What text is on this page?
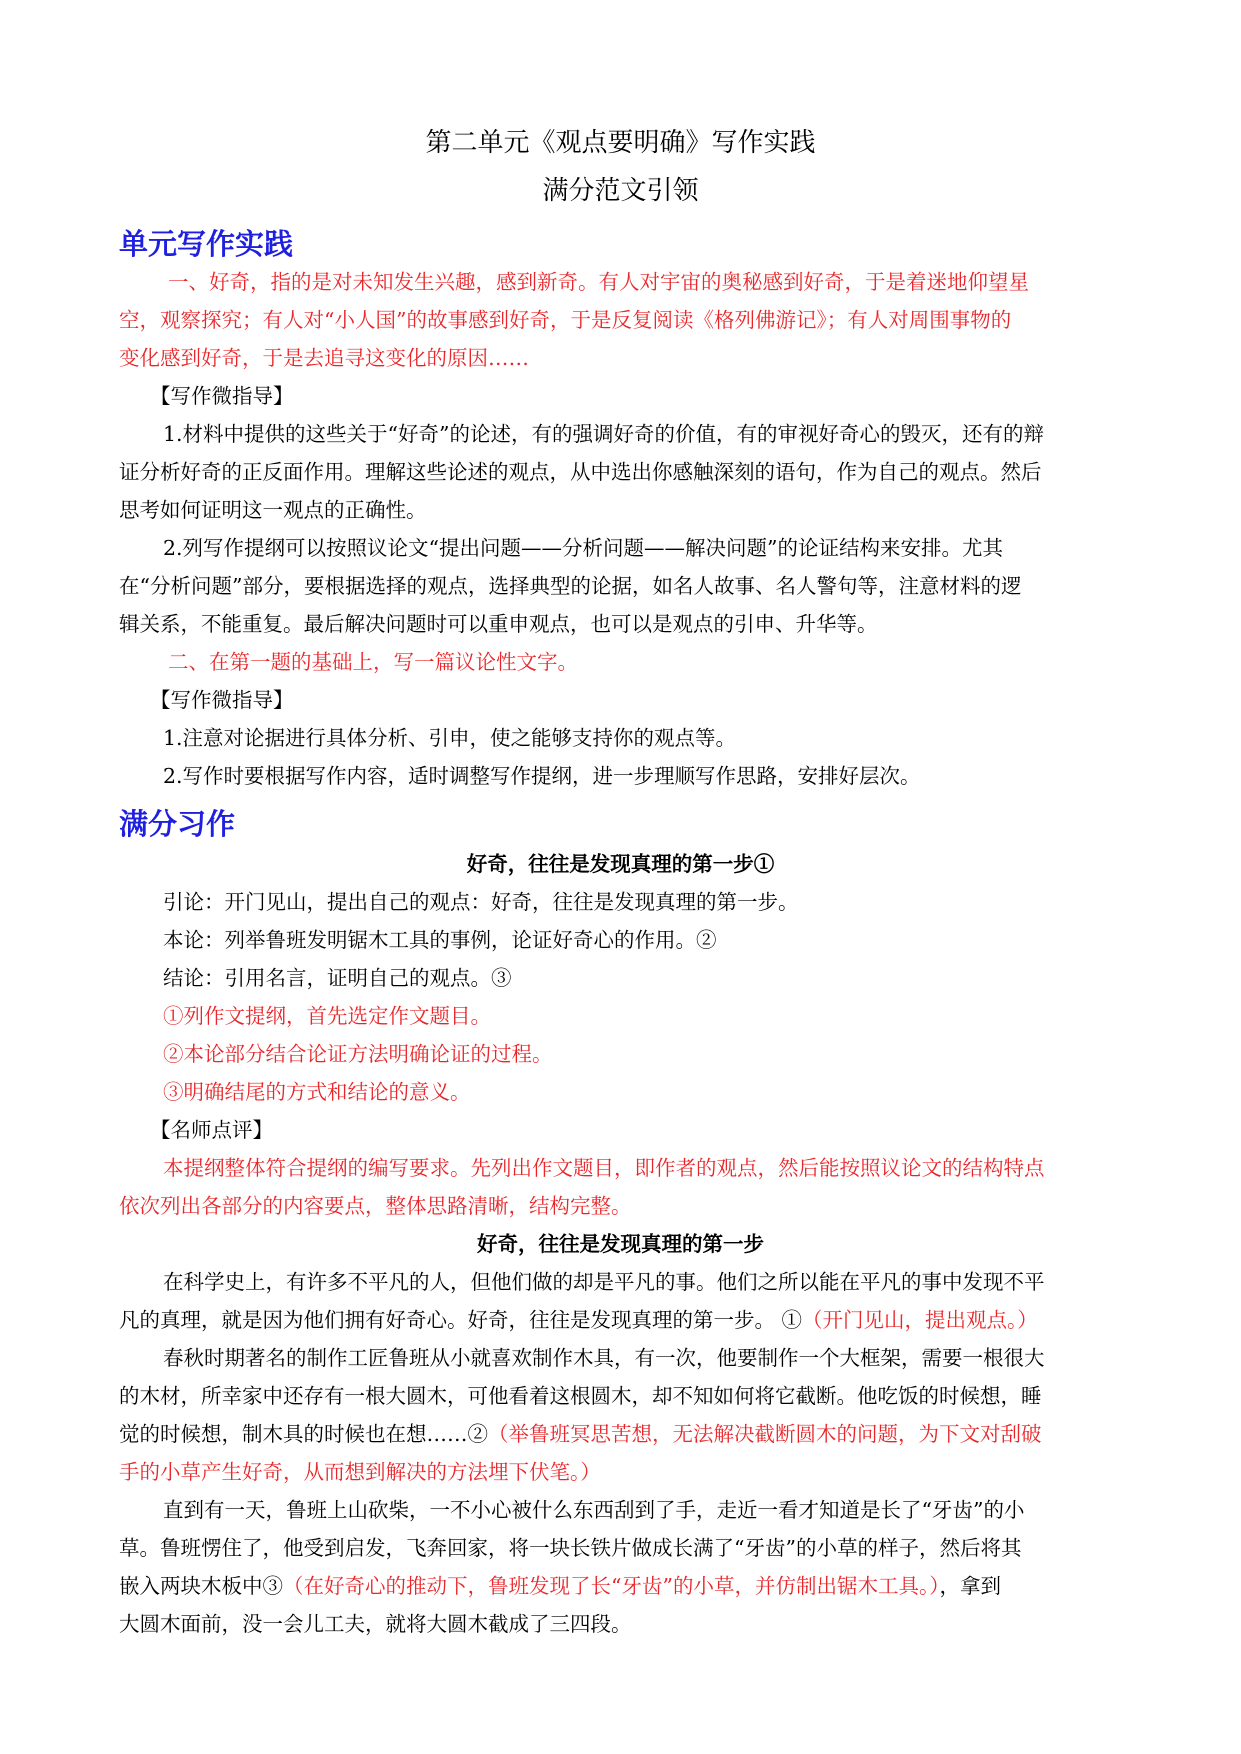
第二单元《观点要明确》写作实践
满分范文引领
单元写作实践
一、好奇，指的是对未知发生兴趣，感到新奇。有人对宇宙的奥秘感到好奇，于是着迷地仰望星
空，观察探究；有人对“小人国”的故事感到好奇，于是反复阅读《格列佛游记》；有人对周围事物的
变化感到好奇，于是去追寻这变化的原因……
【写作微指导】
1.材料中提供的这些关于“好奇”的论述，有的强调好奇的价值，有的审视好奇心的毁灭，还有的辩
证分析好奇的正反面作用。理解这些论述的观点，从中选出你感触深刻的语句，作为自己的观点。然后
思考如何证明这一观点的正确性。
2.列写作提纲可以按照议论文“提出问题——分析问题——解决问题”的论证结构来安排。尤其
在“分析问题”部分，要根据选择的观点，选择典型的论据，如名人故事、名人警句等，注意材料的逻
辑关系，不能重复。最后解决问题时可以重申观点，也可以是观点的引申、升华等。
二、在第一题的基础上，写一篇议论性文字。
【写作微指导】
1.注意对论据进行具体分析、引申，使之能够支持你的观点等。
2.写作时要根据写作内容，适时调整写作提纲，进一步理顺写作思路，安排好层次。
满分习作
好奇，往往是发现真理的第一步①
引论：开门见山，提出自己的观点：好奇，往往是发现真理的第一步。
本论：列举鲁班发明锯木工具的事例，论证好奇心的作用。②
结论：引用名言，证明自己的观点。③
①列作文提纲，首先选定作文题目。
②本论部分结合论证方法明确论证的过程。
③明确结尾的方式和结论的意义。
【名师点评】
本提纲整体符合提纲的编写要求。先列出作文题目，即作者的观点，然后能按照议论文的结构特点
依次列出各部分的内容要点，整体思路清晰，结构完整。
好奇，往往是发现真理的第一步
在科学史上，有许多不平凡的人，但他们做的却是平凡的事。他们之所以能在平凡的事中发现不平
凡的真理，就是因为他们拥有好奇心。好奇，往往是发现真理的第一步。 ①（开门见山，提出观点。）
春秋时期著名的制作工匠鲁班从小就喜欢制作木具，有一次，他要制作一个大框架，需要一根很大
的木材，所幸家中还存有一根大圆木，可他看着这根圆木，却不知如何将它截断。他吃饭的时候想，睡
觉的时候想，制木具的时候也在想……②（举鲁班冥思苦想，无法解决截断圆木的问题，为下文对刮破
手的小草产生好奇，从而想到解决的方法埋下伏笔。）
直到有一天，鲁班上山砍柴，一不小心被什么东西刮到了手，走近一看才知道是长了“牙齿”的小
草。鲁班愣住了，他受到启发，飞奔回家，将一块长铁片做成长满了“牙齿”的小草的样子，然后将其
嵌入两块木板中③（在好奇心的推动下，鲁班发现了长“牙齿”的小草，并仿制出锯木工具。），拿到
大圆木面前，没一会儿工夫，就将大圆木截成了三四段。
